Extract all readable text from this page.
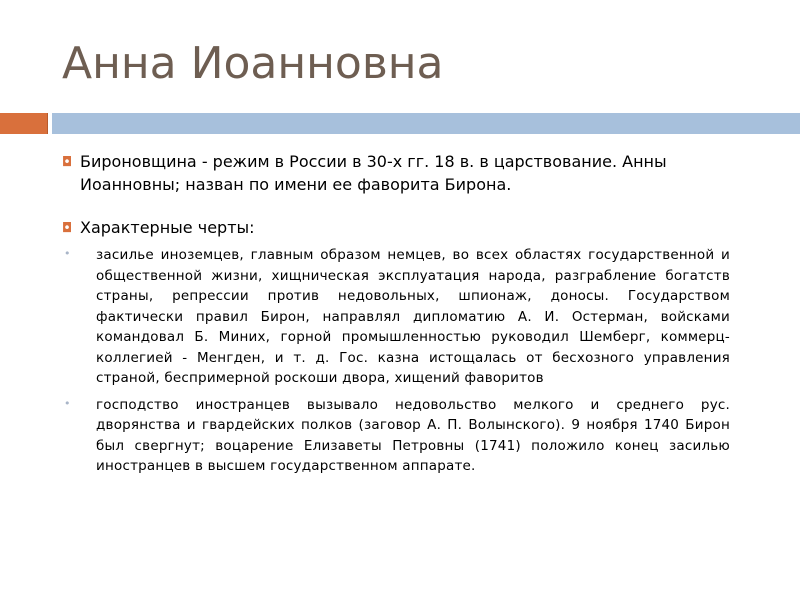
Анна Иоанновна
◘ Бироновщина - режим в России в 30-х гг. 18 в. в царствование. Анны Иоанновны; назван по имени ее фаворита Бирона.
◘ Характерные черты:
• засилье иноземцев, главным образом немцев, во всех областях государственной и общественной жизни, хищническая эксплуатация народа, разграбление богатств страны, репрессии против недовольных, шпионаж, доносы. Государством фактически правил Бирон, направлял дипломатию А. И. Остерман, войсками командовал Б. Миних, горной промышленностью руководил Шемберг, коммерц-коллегией - Менгден, и т. д. Гос. казна истощалась от бесхозного управления страной, беспримерной роскоши двора, хищений фаворитов
• господство иностранцев вызывало недовольство мелкого и среднего рус. дворянства и гвардейских полков (заговор А. П. Волынского). 9 ноября 1740 Бирон был свергнут; воцарение Елизаветы Петровны (1741) положило конец засилью иностранцев в высшем государственном аппарате.
